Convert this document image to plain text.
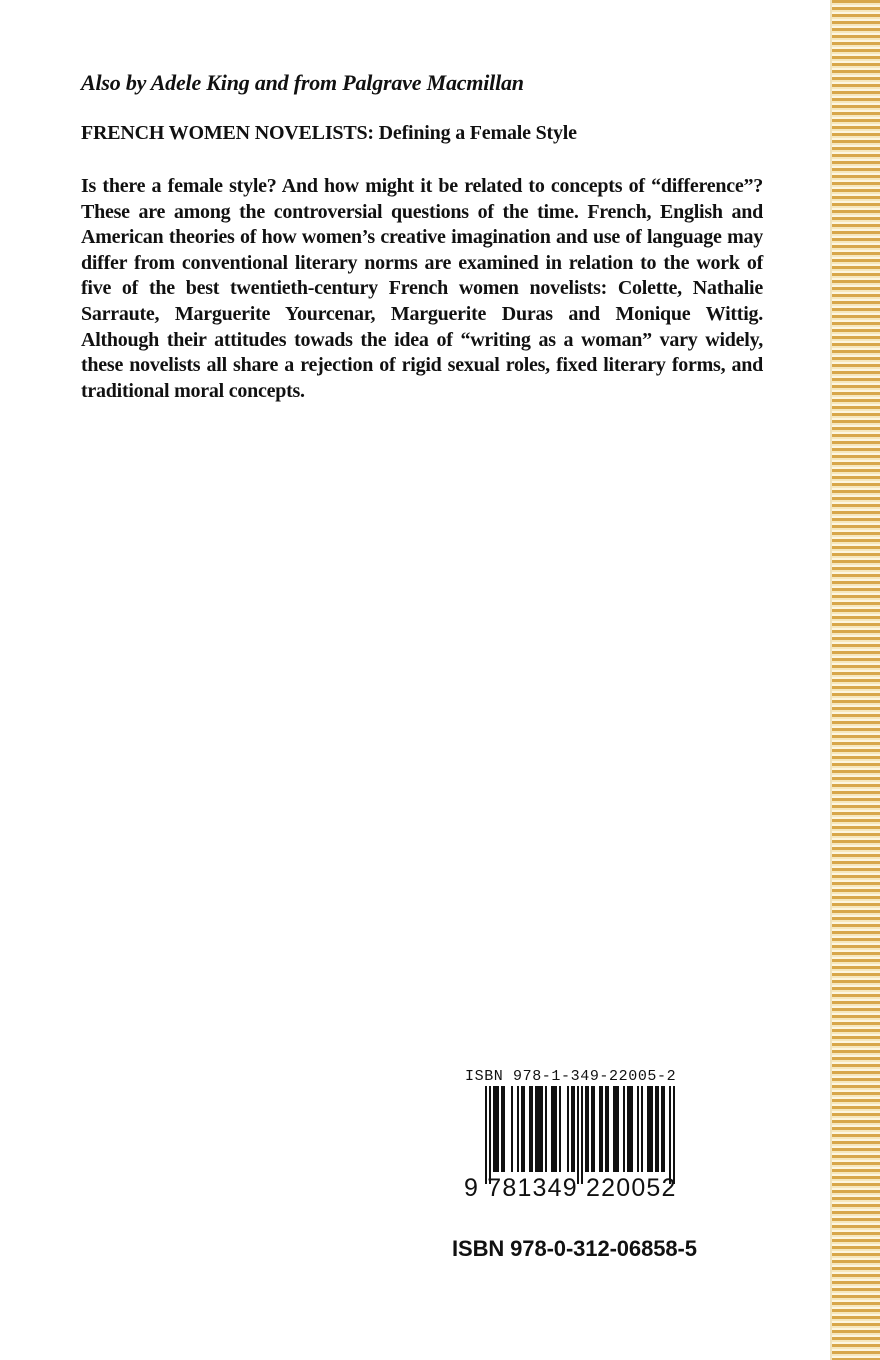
Also by Adele King and from Palgrave Macmillan
FRENCH WOMEN NOVELISTS: Defining a Female Style
Is there a female style? And how might it be related to concepts of “difference”? These are among the controversial questions of the time. French, English and American theories of how women’s creative imagination and use of language may differ from conventional literary norms are examined in relation to the work of five of the best twentieth-century French women novelists: Colette, Nathalie Sarraute, Marguerite Yourcenar, Marguerite Duras and Monique Wittig. Although their attitudes towads the idea of “writing as a woman” vary widely, these novelists all share a rejection of rigid sexual roles, fixed literary forms, and traditional moral concepts.
ISBN 978-1-349-22005-2
9 781349 220052
ISBN 978-0-312-06858-5
